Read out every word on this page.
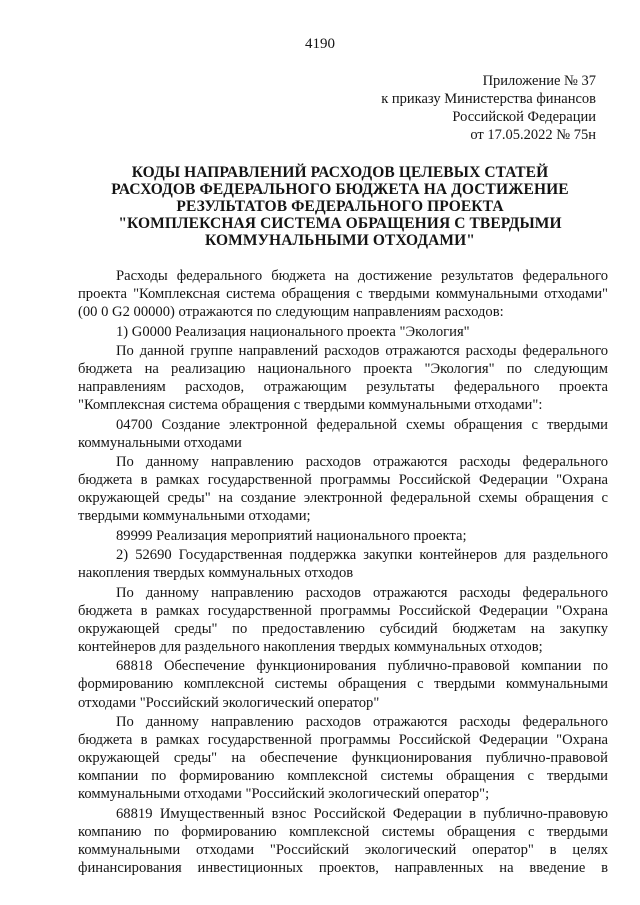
4190
Приложение № 37
к приказу Министерства финансов
Российской Федерации
от 17.05.2022 № 75н
КОДЫ НАПРАВЛЕНИЙ РАСХОДОВ ЦЕЛЕВЫХ СТАТЕЙ
РАСХОДОВ ФЕДЕРАЛЬНОГО БЮДЖЕТА НА ДОСТИЖЕНИЕ
РЕЗУЛЬТАТОВ ФЕДЕРАЛЬНОГО ПРОЕКТА
"КОМПЛЕКСНАЯ СИСТЕМА ОБРАЩЕНИЯ С ТВЕРДЫМИ
КОММУНАЛЬНЫМИ ОТХОДАМИ"

Расходы федерального бюджета на достижение результатов федерального проекта "Комплексная система обращения с твердыми коммунальными отходами" (00 0 G2 00000) отражаются по следующим направлениям расходов:

1) G0000 Реализация национального проекта "Экология"

По данной группе направлений расходов отражаются расходы федерального бюджета на реализацию национального проекта "Экология" по следующим направлениям расходов, отражающим результаты федерального проекта "Комплексная система обращения с твердыми коммунальными отходами":

04700 Создание электронной федеральной схемы обращения с твердыми коммунальными отходами

По данному направлению расходов отражаются расходы федерального бюджета в рамках государственной программы Российской Федерации "Охрана окружающей среды" на создание электронной федеральной схемы обращения с твердыми коммунальными отходами;

89999 Реализация мероприятий национального проекта;

2) 52690 Государственная поддержка закупки контейнеров для раздельного накопления твердых коммунальных отходов

По данному направлению расходов отражаются расходы федерального бюджета в рамках государственной программы Российской Федерации "Охрана окружающей среды" по предоставлению субсидий бюджетам на закупку контейнеров для раздельного накопления твердых коммунальных отходов;

68818 Обеспечение функционирования публично-правовой компании по формированию комплексной системы обращения с твердыми коммунальными отходами "Российский экологический оператор"

По данному направлению расходов отражаются расходы федерального бюджета в рамках государственной программы Российской Федерации "Охрана окружающей среды" на обеспечение функционирования публично-правовой компании по формированию комплексной системы обращения с твердыми коммунальными отходами "Российский экологический оператор";

68819 Имущественный взнос Российской Федерации в публично-правовую компанию по формированию комплексной системы обращения с твердыми коммунальными отходами "Российский экологический оператор" в целях финансирования инвестиционных проектов, направленных на введение в
